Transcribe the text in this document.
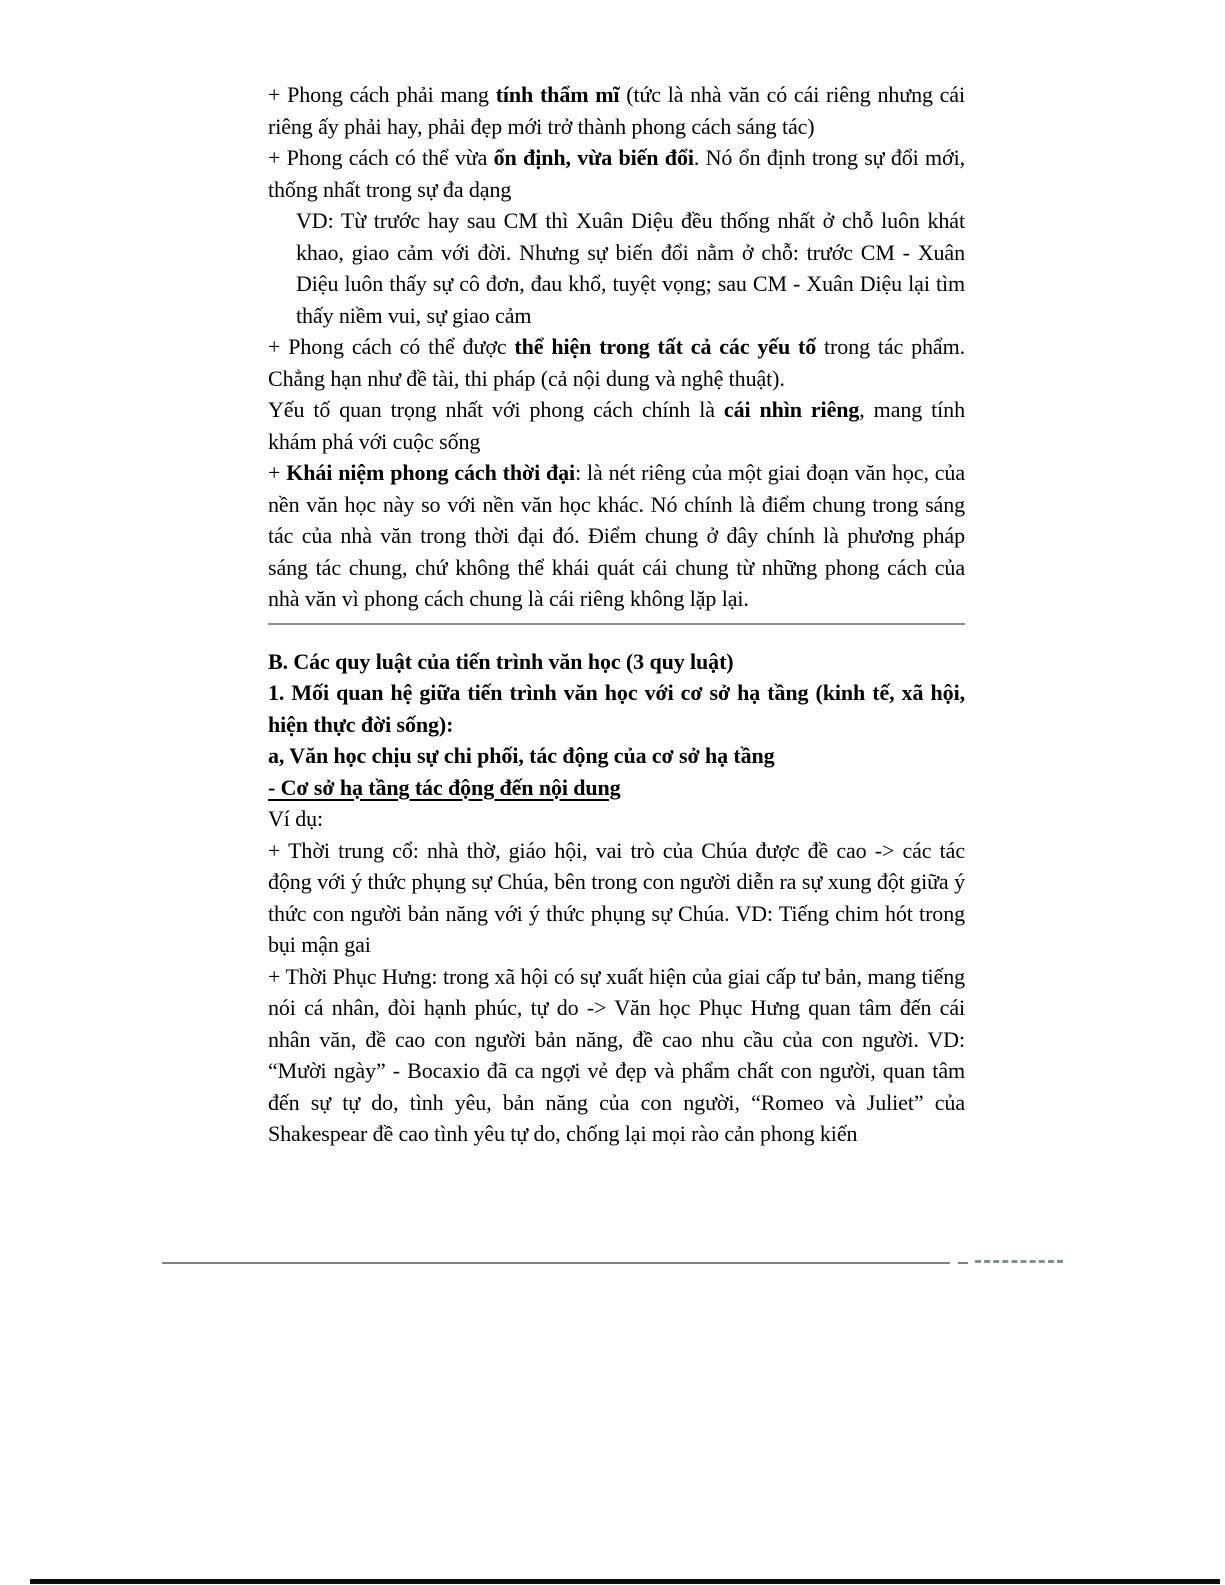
+ Phong cách phải mang tính thẩm mĩ (tức là nhà văn có cái riêng nhưng cái riêng ấy phải hay, phải đẹp mới trở thành phong cách sáng tác)

+ Phong cách có thể vừa ổn định, vừa biến đổi. Nó ổn định trong sự đổi mới, thống nhất trong sự đa dạng

VD: Từ trước hay sau CM thì Xuân Diệu đều thống nhất ở chỗ luôn khát khao, giao cảm với đời. Nhưng sự biến đổi nằm ở chỗ: trước CM - Xuân Diệu luôn thấy sự cô đơn, đau khổ, tuyệt vọng; sau CM - Xuân Diệu lại tìm thấy niềm vui, sự giao cảm

+ Phong cách có thể được thể hiện trong tất cả các yếu tố trong tác phẩm. Chẳng hạn như đề tài, thi pháp (cả nội dung và nghệ thuật).

Yếu tố quan trọng nhất với phong cách chính là cái nhìn riêng, mang tính khám phá với cuộc sống

+ Khái niệm phong cách thời đại: là nét riêng của một giai đoạn văn học, của nền văn học này so với nền văn học khác. Nó chính là điểm chung trong sáng tác của nhà văn trong thời đại đó. Điểm chung ở đây chính là phương pháp sáng tác chung, chứ không thể khái quát cái chung từ những phong cách của nhà văn vì phong cách chung là cái riêng không lặp lại.

B. Các quy luật của tiến trình văn học (3 quy luật)

1. Mối quan hệ giữa tiến trình văn học với cơ sở hạ tầng (kinh tế, xã hội, hiện thực đời sống):

a, Văn học chịu sự chi phối, tác động của cơ sở hạ tầng

- Cơ sở hạ tầng tác động đến nội dung

Ví dụ:

+ Thời trung cổ: nhà thờ, giáo hội, vai trò của Chúa được đề cao -> các tác động với ý thức phụng sự Chúa, bên trong con người diễn ra sự xung đột giữa ý thức con người bản năng với ý thức phụng sự Chúa. VD: Tiếng chim hót trong bụi mận gai

+ Thời Phục Hưng: trong xã hội có sự xuất hiện của giai cấp tư bản, mang tiếng nói cá nhân, đòi hạnh phúc, tự do -> Văn học Phục Hưng quan tâm đến cái nhân văn, đề cao con người bản năng, đề cao nhu cầu của con người. VD: “Mười ngày” - Bocaxio đã ca ngợi vẻ đẹp và phẩm chất con người, quan tâm đến sự tự do, tình yêu, bản năng của con người, “Romeo và Juliet” của Shakespear đề cao tình yêu tự do, chống lại mọi rào cản phong kiến
